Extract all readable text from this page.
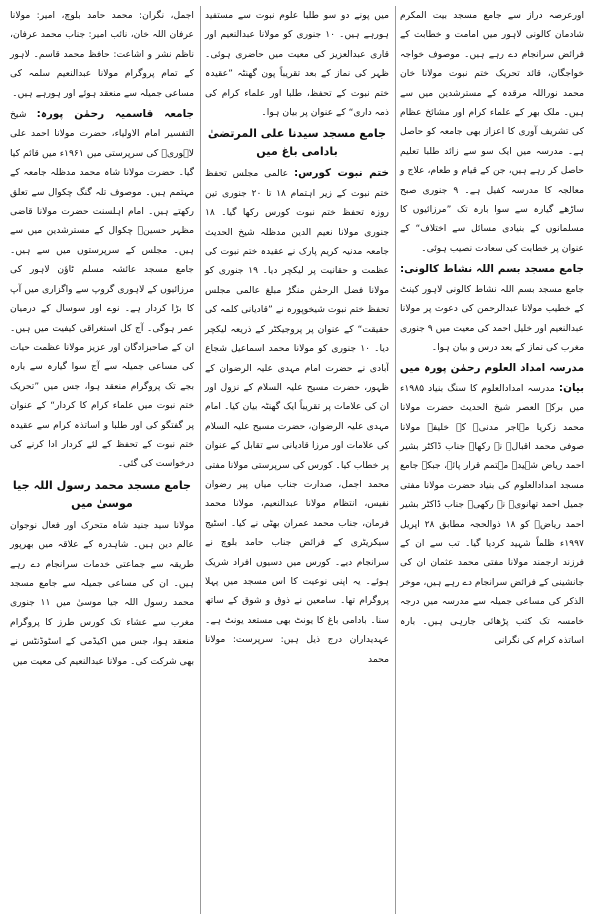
اورعرصہ دراز سے جامع مسجد بیت المکرم شادمان کالونی لاہور میں امامت و خطابت کے فرائض سرانجام دے رہے ہیں۔ موصوف خواجہ خواجگان، قائد تحریک ختم نبوت مولانا خان محمد نوراللہ مرقدہ کے مسترشدین میں سے ہیں۔ ملک بھر کے علماء کرام اور مشائخ عظام کی تشریف آوری کا اعزاز بھی جامعہ کو حاصل ہے۔ مدرسہ میں ایک سو سے زائد طلبا تعلیم حاصل کر رہے ہیں، جن کے قیام و طعام، علاج و معالجہ کا مدرسہ کفیل ہے۔ ۹ جنوری صبح ساڑھے گیارہ سے سوا بارہ تک ”مرزائیوں کا مسلمانوں کے بنیادی مسائل سے اختلاف“ کے عنوان پر خطابت کی سعادت نصیب ہوئی۔

جامع مسجد بسم اللہ نشاط کالونی: جامع مسجد بسم اللہ نشاط کالونی لاہور کینٹ کے خطیب مولانا عبدالرحمن کی دعوت پر مولانا عبدالنعیم اور خلیل احمد کی معیت میں ۹ جنوری مغرب کی نماز کے بعد درس و بیان ہوا۔

مدرسہ امداد العلوم رحمٰن پورہ میں بیان: مدرسہ امدادالعلوم کا سنگ بنیاد ۱۹۸۵ء میں برکۃ العصر شیخ الحدیث حضرت مولانا محمد زکریا مہاجر مدنیؒ کے خلیفہ مولانا صوفی محمد اقبالؒ نے رکھا۔ جناب ڈاکٹر بشیر احمد ریاض شہیدؒ مہتمم قرار پائے، جبکہ جامع مسجد امدادالعلوم کی بنیاد حضرت مولانا مفتی جمیل احمد تھانویؒ نے رکھی۔ جناب ڈاکٹر بشیر احمد ریاضؒ کو ۱۸ ذوالحجہ مطابق ۲۸ اپریل ۱۹۹۷ء ظلماً شہید کردیا گیا۔ تب سے ان کے فرزند ارجمند مولانا مفتی محمد عثمان ان کی جانشینی کے فرائض سرانجام دے رہے ہیں، موخر الذکر کی مساعی جمیلہ سے مدرسہ میں درجہ خامسہ تک کتب پڑھائی جارہی ہیں۔ بارہ اساتذہ کرام کی نگرانی

میں پونے دو سو طلبا علوم نبوت سے مستفید ہورہے ہیں۔ ۱۰ جنوری کو مولانا عبدالنعیم اور قاری عبدالعزیز کی معیت میں حاضری ہوئی۔ ظہر کی نماز کے بعد تقریباً پون گھنٹہ ”عقیدہ ختم نبوت کے تحفظ، طلبا اور علماء کرام کی ذمہ داری“ کے عنوان پر بیان ہوا۔

جامع مسجد سیدنا علی المرتضیٰ بادامی باغ میں

ختم نبوت کورس: عالمی مجلس تحفظ ختم نبوت کے زیر اہتمام ۱۸ تا ۲۰ جنوری تین روزہ تحفظ ختم نبوت کورس رکھا گیا۔ ۱۸ جنوری مولانا نعیم الدین مدظلہ شیخ الحدیث جامعہ مدنیہ کریم پارک نے عقیدہ ختم نبوت کی عظمت و حقانیت پر لیکچر دیا۔ ۱۹ جنوری کو مولانا فضل الرحمٰن منگڑ مبلغ عالمی مجلس تحفظ ختم نبوت شیخوپورہ نے ”قادیانی کلمہ کی حقیقت“ کے عنوان پر پروجیکٹر کے ذریعہ لیکچر دیا۔ ۱۰ جنوری کو مولانا محمد اسماعیل شجاع آبادی نے حضرت امام مہدی علیہ الرضوان کے ظہور، حضرت مسیح علیہ السلام کے نزول اور ان کی علامات پر تقریباً ایک گھنٹہ بیان کیا۔ امام مہدی علیہ الرضوان، حضرت مسیح علیہ السلام کی علامات اور مرزا قادیانی سے تقابل کے عنوان پر خطاب کیا۔ کورس کی سرپرستی مولانا مفتی محمد اجمل، صدارت جناب میاں پیر رضوان نفیس، انتظام مولانا عبدالنعیم، مولانا محمد فرمان، جناب محمد عمران بھٹی نے کیا۔ اسٹیج سیکریٹری کے فرائض جناب حامد بلوچ نے سرانجام دیے۔ کورس میں دسیوں افراد شریک ہوئے۔ یہ اپنی نوعیت کا اس مسجد میں پہلا پروگرام تھا۔ سامعین نے ذوق و شوق کے ساتھ سنا۔ بادامی باغ کا یونٹ بھی مستعد یونٹ ہے۔ عہدیداران درج ذیل ہیں: سرپرست: مولانا محمد

اجمل، نگران: محمد حامد بلوچ، امیر: مولانا عرفان اللہ خان، نائب امیر: جناب محمد عرفان، ناظم نشر و اشاعت: حافظ محمد قاسم۔ لاہور کے تمام پروگرام مولانا عبدالنعیم سلمہ کی مساعی جمیلہ سے منعقد ہوئے اور ہورہے ہیں۔

جامعہ قاسمیہ رحمٰن پورہ: شیخ التفسیر امام الاولیاء، حضرت مولانا احمد علی لاہوریؒ کی سرپرستی میں ۱۹۶۱ء میں قائم کیا گیا۔ حضرت مولانا شاہ محمد مدظلہ جامعہ کے مہتمم ہیں۔ موصوف تلہ گنگ چکوال سے تعلق رکھتے ہیں۔ امام اہلسنت حضرت مولانا قاضی مظہر حسینؒ چکوال کے مسترشدین میں سے ہیں۔ مجلس کے سرپرستوں میں سے ہیں۔ جامع مسجد عائشہ مسلم ٹاؤن لاہور کی مرزائیوں کے لاہوری گروپ سے واگزاری میں آپ کا بڑا کردار ہے۔ نوے اور سوسال کے درمیان عمر ہوگی۔ آج کل استغراقی کیفیت میں ہیں۔ ان کے صاحبزادگان اور عزیز مولانا عظمت حیات کی مساعی جمیلہ سے آج سوا گیارہ سے بارہ بجے تک پروگرام منعقد ہوا، جس میں ”تحریک ختم نبوت میں علماء کرام کا کردار“ کے عنوان پر گفتگو کی اور طلبا و اساتذہ کرام سے عقیدہ ختم نبوت کے تحفظ کے لئے کردار ادا کرنے کی درخواست کی گئی۔

جامع مسجد محمد رسول اللہ جیا موسیٰ میں

مولانا سید جنید شاہ متحرک اور فعال نوجوان عالم دین ہیں۔ شاہدرہ کے علاقہ میں بھرپور طریقہ سے جماعتی خدمات سرانجام دے رہے ہیں۔ ان کی مساعی جمیلہ سے جامع مسجد محمد رسول اللہ جیا موسیٰ میں ۱۱ جنوری مغرب سے عشاء تک کورس طرز کا پروگرام منعقد ہوا، جس میں اکیڈمی کے اسٹوڈنٹس نے بھی شرکت کی۔ مولانا عبدالنعیم کی معیت میں
